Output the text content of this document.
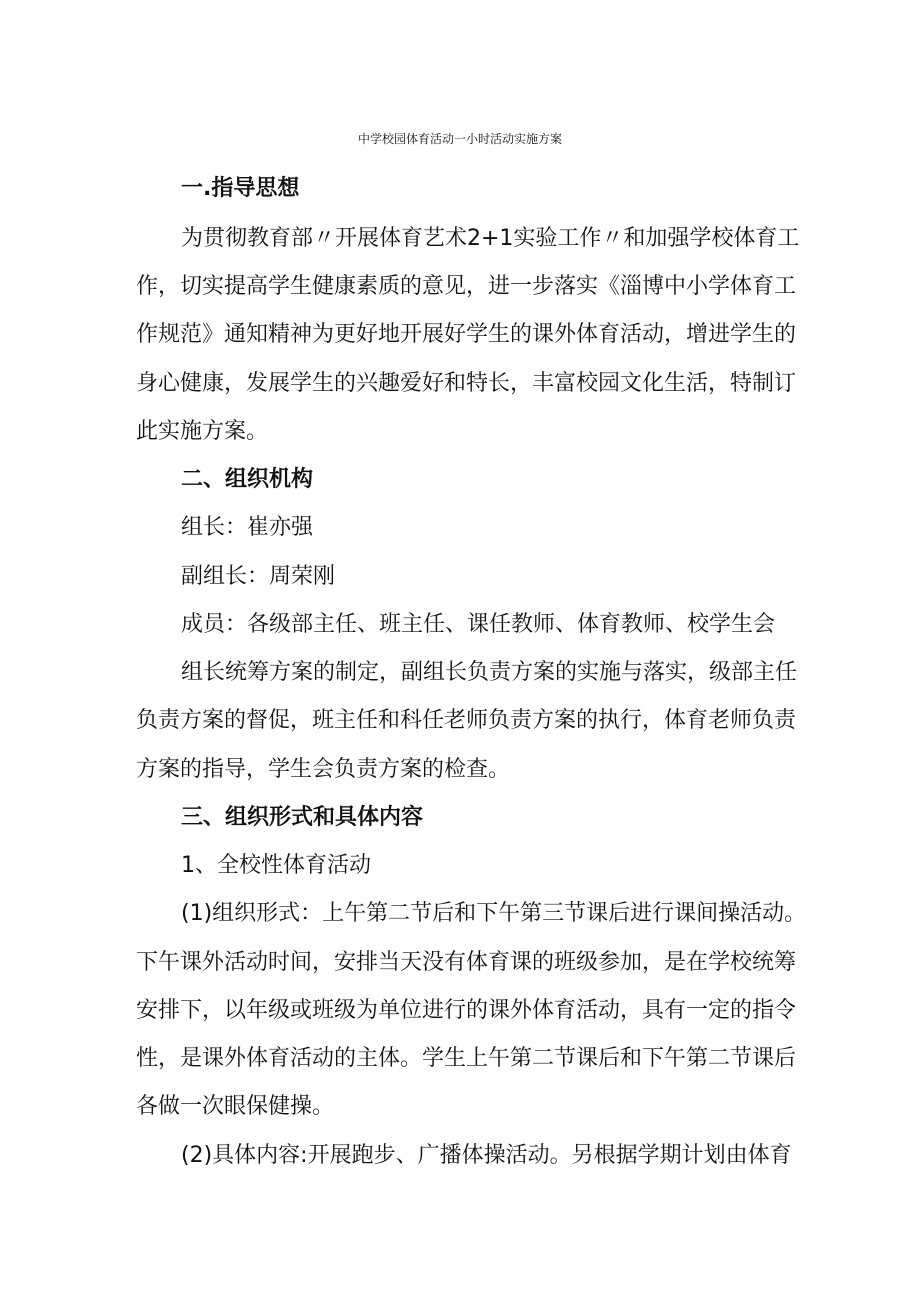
中学校园体育活动一小时活动实施方案
一.指导思想
为贯彻教育部〃开展体育艺术2+1实验工作〃和加强学校体育工
作，切实提高学生健康素质的意见，进一步落实《淄博中小学体育工
作规范》通知精神为更好地开展好学生的课外体育活动，增进学生的
身心健康，发展学生的兴趣爱好和特长，丰富校园文化生活，特制订
此实施方案。
二、组织机构
组长：崔亦强
副组长：周荣刚
成员：各级部主任、班主任、课任教师、体育教师、校学生会
组长统筹方案的制定，副组长负责方案的实施与落实，级部主任
负责方案的督促，班主任和科任老师负责方案的执行，体育老师负责
方案的指导，学生会负责方案的检查。
三、组织形式和具体内容
1、全校性体育活动
(1)组织形式：上午第二节后和下午第三节课后进行课间操活动。
下午课外活动时间，安排当天没有体育课的班级参加，是在学校统筹
安排下，以年级或班级为单位进行的课外体育活动，具有一定的指令
性，是课外体育活动的主体。学生上午第二节课后和下午第二节课后
各做一次眼保健操。
(2)具体内容:开展跑步、广播体操活动。另根据学期计划由体育
